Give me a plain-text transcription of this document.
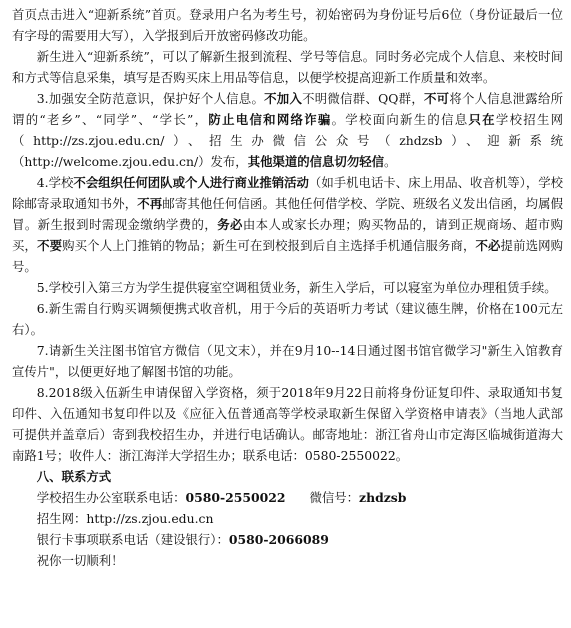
首页点击进入“迎新系统”首页。登录用户名为考生号，初始密码为身份证号后6位（身份证最后一位有字母的需要用大写），入学报到后开放密码修改功能。

新生进入“迎新系统”，可以了解新生报到流程、学号等信息。同时务必完成个人信息、来校时间和方式等信息采集，填写是否购买床上用品等信息，以便学校提高迎新工作质量和效率。

3.加强安全防范意识，保护好个人信息。不加入不明微信群、QQ群，不可将个人信息泄露给所谓的“老乡”、“同学”、“学长”，防止电信和网络诈骗。学校面向新生的信息只在学校招生网（http://zs.zjou.edu.cn/）、招生办微信公众号（zhdzsb）、迎新系统（http://welcome.zjou.edu.cn/）发布，其他渠道的信息切勿轻信。

4.学校不会组织任何团队或个人进行商业推销活动（如手机电话卡、床上用品、收音机等），学校除邮寄录取通知书外，不再邮寄其他任何信函。其他任何借学校、学院、班级名义发出信函，均属假冒。新生报到时需现金缴纳学费的，务必由本人或家长办理；购买物品的，请到正规商场、超市购买，不要购买个人上门推销的物品；新生可在到校报到后自主选择手机通信服务商，不必提前选网购号。

5.学校引入第三方为学生提供寝室空调租赁业务，新生入学后，可以寝室为单位办理租赁手续。

6.新生需自行购买调频便携式收音机，用于今后的英语听力考试（建议德生牌，价格在100元左右）。

7.请新生关注图书馆官方微信（见文末），并在9月10--14日通过图书馆官微学习"新生入馆教育宣传片"，以便更好地了解图书馆的功能。

8.2018级入伍新生申请保留入学资格，须于2018年9月22日前将身份证复印件、录取通知书复印件、入伍通知书复印件以及《应征入伍普通高等学校录取新生保留入学资格申请表》（当地人武部可提供并盖章后）寄到我校招生办，并进行电话确认。邮寄地址：浙江省舟山市定海区临城街道海大南路1号；收件人：浙江海洋大学招生办；联系电话：0580-2550022。

八、联系方式

学校招生办公室联系电话：0580-2550022 微信号：zhdzsb

招生网：http://zs.zjou.edu.cn

银行卡事项联系电话（建设银行）：0580-2066089

祝你一切顺利！
